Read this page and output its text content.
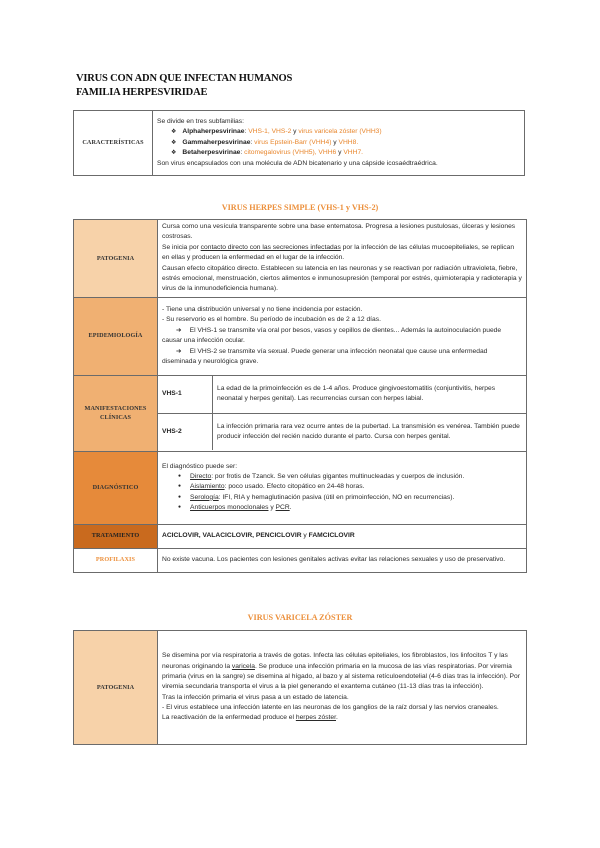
VIRUS CON ADN QUE INFECTAN HUMANOS
FAMILIA HERPESVIRIDAE
CARACTERÍSTICAS	
Se divide en tres subfamilias:
❖ Alphaherpesvirinae: VHS-1, VHS-2 y virus varicela zóster (VHH3)
❖ Gammaherpesvirinae: virus Epstein-Barr (VHH4) y VHH8.
❖ Betaherpesvirinae: citomegalovirus (VHH5), VHH6 y VHH7.
Son virus encapsulados con una molécula de ADN bicatenario y una cápside icosaédtraédrica.
VIRUS HERPES SIMPLE (VHS-1 y VHS-2)
PATOGENIA	
Cursa como una vesícula transparente sobre una base entematosa. Progresa a lesiones pustulosas, úlceras y lesiones costrosas.
Se inicia por contacto directo con las secreciones infectadas por la infección de las células mucoepiteliales, se replican en ellas y producen la enfermedad en el lugar de la infección.
Causan efecto citopático directo. Establecen su latencia en las neuronas y se reactivan por radiación ultravioleta, fiebre, estrés emocional, menstruación, ciertos alimentos e inmunosupresión (temporal por estrés, quimioterapia y radioterapia y virus de la inmunodeficiencia humana).

EPIDEMIOLOGÍA	
- Tiene una distribución universal y no tiene incidencia por estación.
- Su reservorio es el hombre. Su período de incubación es de 2 a 12 días.
➔ El VHS-1 se transmite vía oral por besos, vasos y cepillos de dientes... Además la autoinoculación puede causar una infección ocular.
➔ El VHS-2 se transmite vía sexual. Puede generar una infección neonatal que cause una enfermedad diseminada y neurológica grave.

MANIFESTACIONES CLÍNICAS	
VHS-1	La edad de la primoinfección es de 1-4 años. Produce gingivoestomatitis (conjuntivitis, herpes neonatal y herpes genital). Las recurrencias cursan con herpes labial.
VHS-2	La infección primaria rara vez ocurre antes de la pubertad. La transmisión es venérea. También puede producir infección del recién nacido durante el parto. Cursa con herpes genital.

DIAGNÓSTICO	
El diagnóstico puede ser:
● Directo: por frotis de Tzanck. Se ven células gigantes multinucleadas y cuerpos de inclusión.
● Aislamiento: poco usado. Efecto citopático en 24-48 horas.
● Serología: IFI, RIA y hemaglutinación pasiva (útil en primoinfección, NO en recurrencias).
● Anticuerpos monoclonales y PCR.

TRATAMIENTO	ACICLOVIR, VALACICLOVIR, PENCICLOVIR y FAMCICLOVIR
PROFILAXIS	No existe vacuna. Los pacientes con lesiones genitales activas evitar las relaciones sexuales y uso de preservativo.
VIRUS VARICELA ZÓSTER
PATOGENIA	
Se disemina por vía respiratoria a través de gotas. Infecta las células epiteliales, los fibroblastos, los linfocitos T y las neuronas originando la varicela. Se produce una infección primaria en la mucosa de las vías respiratorias. Por viremia primaria (virus en la sangre) se disemina al hígado, al bazo y al sistema retículoendotelial (4-6 días tras la infección). Por viremia secundaria transporta el virus a la piel generando el exantema cutáneo (11-13 días tras la infección).
Tras la infección primaria el virus pasa a un estado de latencia.
- El virus establece una infección latente en las neuronas de los ganglios de la raíz dorsal y las nervios craneales.
La reactivación de la enfermedad produce el herpes zóster.
